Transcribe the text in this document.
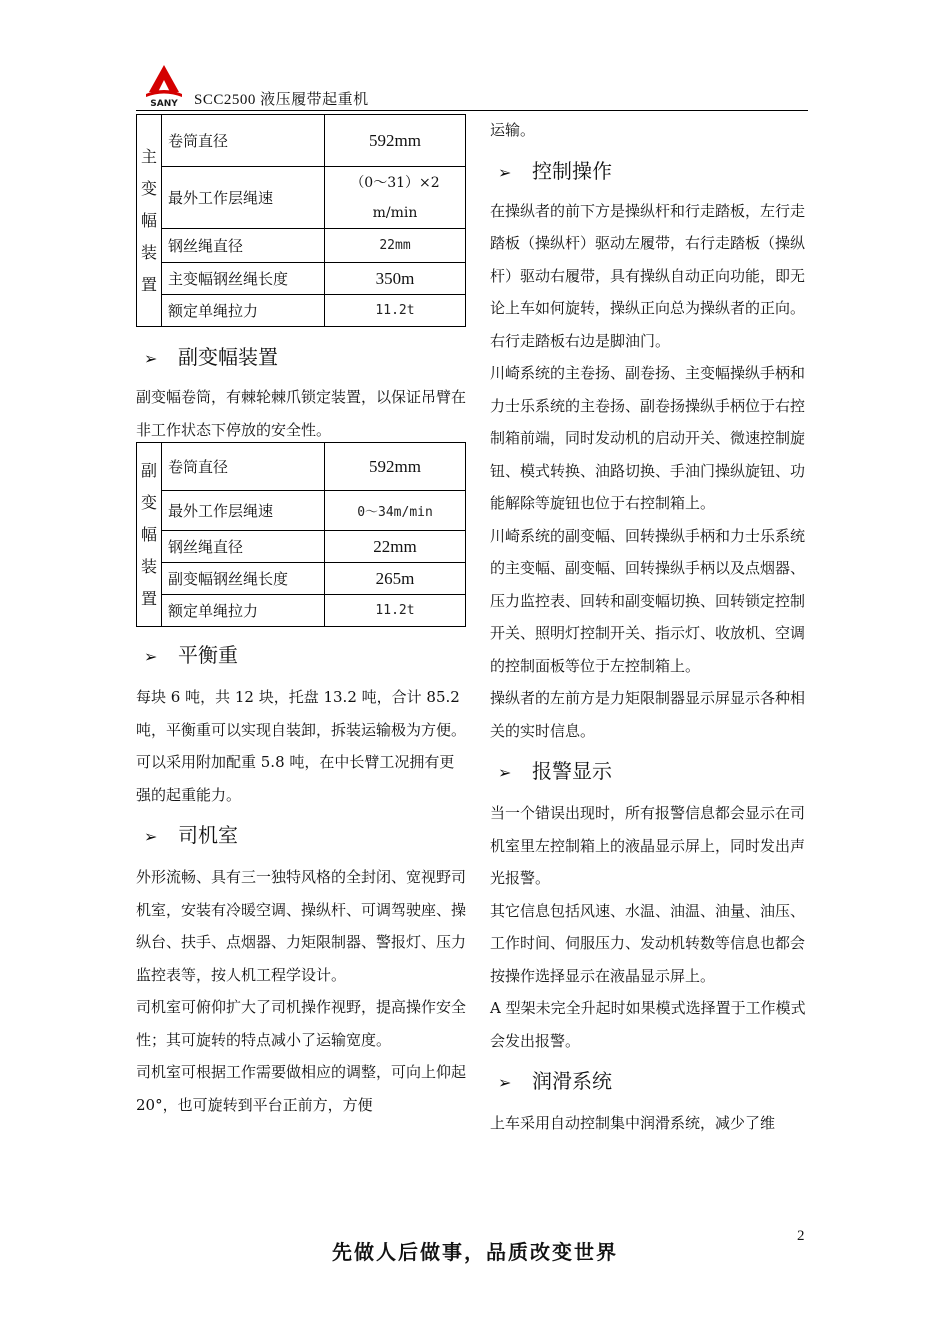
SANY SCC2500 液压履带起重机
主
变
幅
装
置	卷筒直径	592mm
	最外工作层绳速	（0～31）×2 m/min
	钢丝绳直径	22mm
	主变幅钢丝绳长度	350m
	额定单绳拉力	11.2t
➢ 副变幅装置

副变幅卷筒，有棘轮棘爪锁定装置，以保证吊臂在非工作状态下停放的安全性。

副
变
幅
装
置	卷筒直径	592mm
	最外工作层绳速	0～34m/min
	钢丝绳直径	22mm
	副变幅钢丝绳长度	265m
	额定单绳拉力	11.2t
➢ 平衡重

每块 6 吨，共 12 块，托盘 13.2 吨，合计 85.2 吨，平衡重可以实现自装卸，拆装运输极为方便。

可以采用附加配重 5.8 吨，在中长臂工况拥有更强的起重能力。

➢ 司机室

外形流畅、具有三一独特风格的全封闭、宽视野司机室，安装有冷暖空调、操纵杆、可调驾驶座、操纵台、扶手、点烟器、力矩限制器、警报灯、压力监控表等，按人机工程学设计。

司机室可俯仰扩大了司机操作视野，提高操作安全性；其可旋转的特点减小了运输宽度。

司机室可根据工作需要做相应的调整，可向上仰起 20°，也可旋转到平台正前方，方便

运输。

➢ 控制操作

在操纵者的前下方是操纵杆和行走踏板，左行走踏板（操纵杆）驱动左履带，右行走踏板（操纵杆）驱动右履带，具有操纵自动正向功能，即无论上车如何旋转，操纵正向总为操纵者的正向。

右行走踏板右边是脚油门。

川崎系统的主卷扬、副卷扬、主变幅操纵手柄和力士乐系统的主卷扬、副卷扬操纵手柄位于右控制箱前端，同时发动机的启动开关、微速控制旋钮、模式转换、油路切换、手油门操纵旋钮、功能解除等旋钮也位于右控制箱上。

川崎系统的副变幅、回转操纵手柄和力士乐系统的主变幅、副变幅、回转操纵手柄以及点烟器、压力监控表、回转和副变幅切换、回转锁定控制开关、照明灯控制开关、指示灯、收放机、空调的控制面板等位于左控制箱上。

操纵者的左前方是力矩限制器显示屏显示各种相关的实时信息。

➢ 报警显示

当一个错误出现时，所有报警信息都会显示在司机室里左控制箱上的液晶显示屏上，同时发出声光报警。

其它信息包括风速、水温、油温、油量、油压、工作时间、伺服压力、发动机转数等信息也都会按操作选择显示在液晶显示屏上。

A 型架未完全升起时如果模式选择置于工作模式会发出报警。

➢ 润滑系统

上车采用自动控制集中润滑系统，减少了维

2
先做人后做事，品质改变世界
